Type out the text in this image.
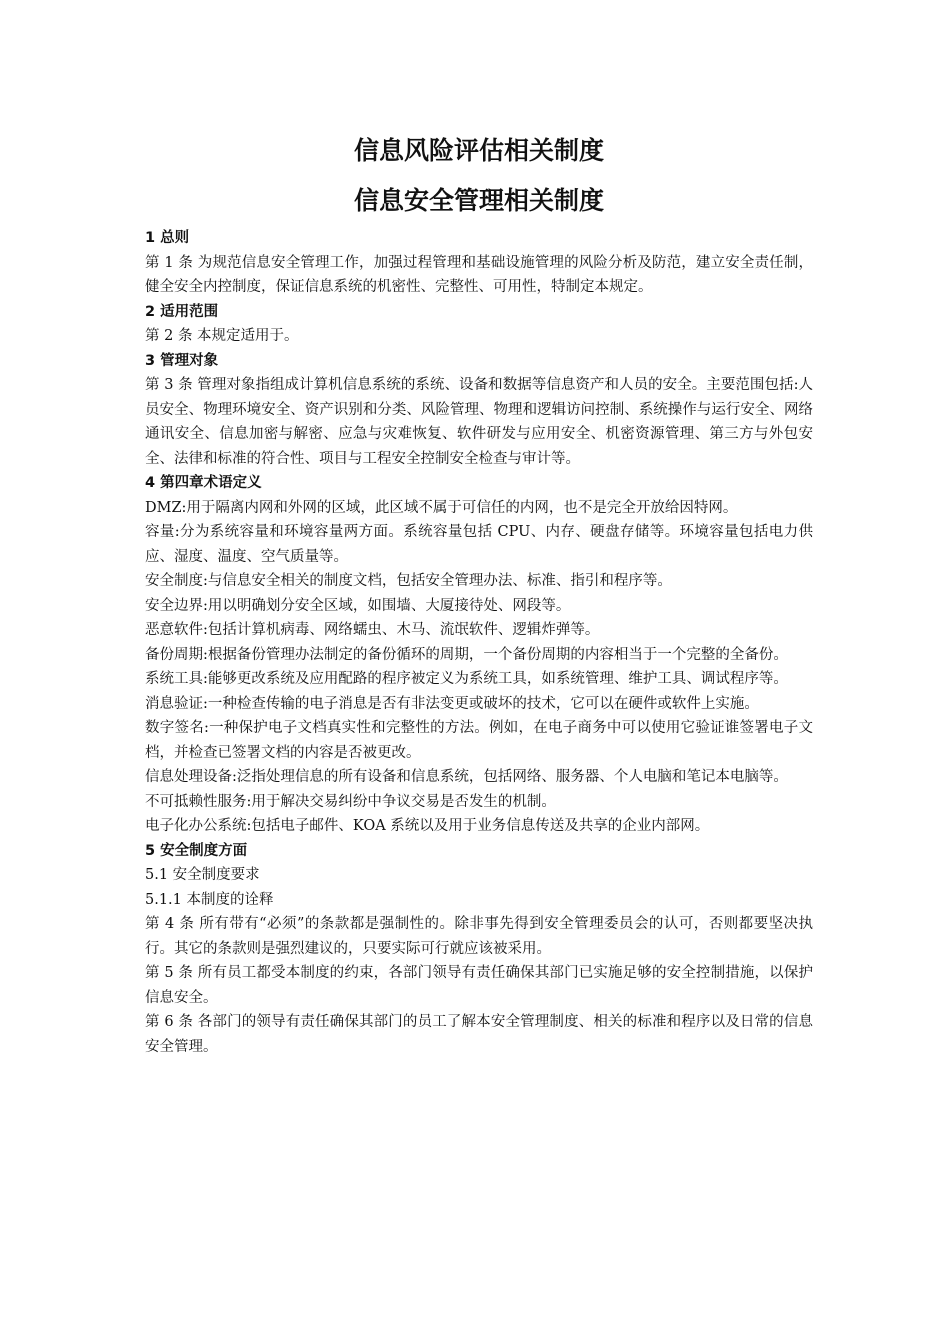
信息风险评估相关制度
信息安全管理相关制度

1 总则

第 1 条 为规范信息安全管理工作，加强过程管理和基础设施管理的风险分析及防范，建立安全责任制，健全安全内控制度，保证信息系统的机密性、完整性、可用性，特制定本规定。

2 适用范围

第 2 条 本规定适用于。

3 管理对象

第 3 条 管理对象指组成计算机信息系统的系统、设备和数据等信息资产和人员的安全。主要范围包括:人员安全、物理环境安全、资产识别和分类、风险管理、物理和逻辑访问控制、系统操作与运行安全、网络通讯安全、信息加密与解密、应急与灾难恢复、软件研发与应用安全、机密资源管理、第三方与外包安全、法律和标准的符合性、项目与工程安全控制安全检查与审计等。

4 第四章术语定义

DMZ:用于隔离内网和外网的区域，此区域不属于可信任的内网，也不是完全开放给因特网。

容量:分为系统容量和环境容量两方面。系统容量包括 CPU、内存、硬盘存储等。环境容量包括电力供应、湿度、温度、空气质量等。

安全制度:与信息安全相关的制度文档，包括安全管理办法、标准、指引和程序等。

安全边界:用以明确划分安全区域，如围墙、大厦接待处、网段等。

恶意软件:包括计算机病毒、网络蠕虫、木马、流氓软件、逻辑炸弹等。

备份周期:根据备份管理办法制定的备份循环的周期，一个备份周期的内容相当于一个完整的全备份。

系统工具:能够更改系统及应用配路的程序被定义为系统工具，如系统管理、维护工具、调试程序等。

消息验证:一种检查传输的电子消息是否有非法变更或破坏的技术，它可以在硬件或软件上实施。

数字签名:一种保护电子文档真实性和完整性的方法。例如，在电子商务中可以使用它验证谁签署电子文档，并检查已签署文档的内容是否被更改。

信息处理设备:泛指处理信息的所有设备和信息系统，包括网络、服务器、个人电脑和笔记本电脑等。

不可抵赖性服务:用于解决交易纠纷中争议交易是否发生的机制。

电子化办公系统:包括电子邮件、KOA 系统以及用于业务信息传送及共享的企业内部网。

5 安全制度方面

5.1 安全制度要求

5.1.1 本制度的诠释

第 4 条 所有带有“必须”的条款都是强制性的。除非事先得到安全管理委员会的认可，否则都要坚决执行。其它的条款则是强烈建议的，只要实际可行就应该被采用。

第 5 条 所有员工都受本制度的约束，各部门领导有责任确保其部门已实施足够的安全控制措施，以保护信息安全。

第 6 条 各部门的领导有责任确保其部门的员工了解本安全管理制度、相关的标准和程序以及日常的信息安全管理。
